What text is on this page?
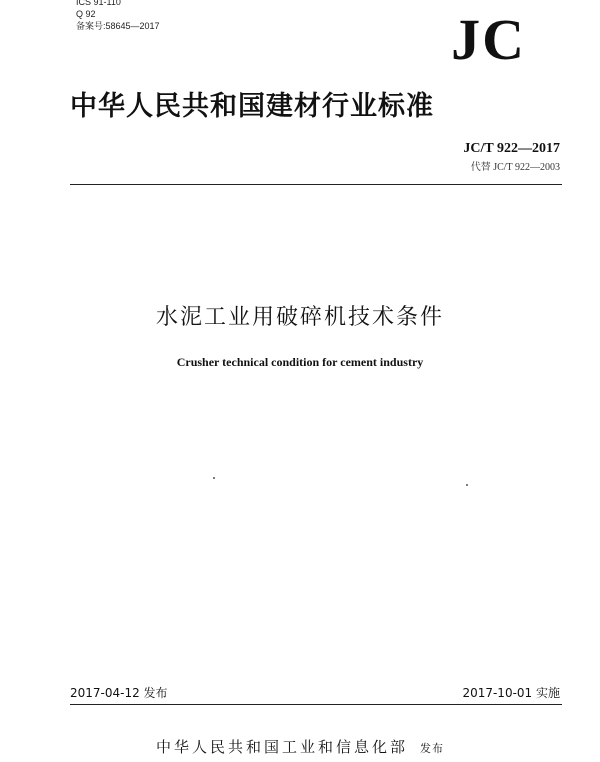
ICS 91-110
Q 92
备案号:58645—2017	JC
中华人民共和国建材行业标准
JC/T 922—2017
代替 JC/T 922—2003
水泥工业用破碎机技术条件
Crusher technical condition for cement industry
2017-04-12 发布	2017-10-01 实施
中华人民共和国工业和信息化部 发布
